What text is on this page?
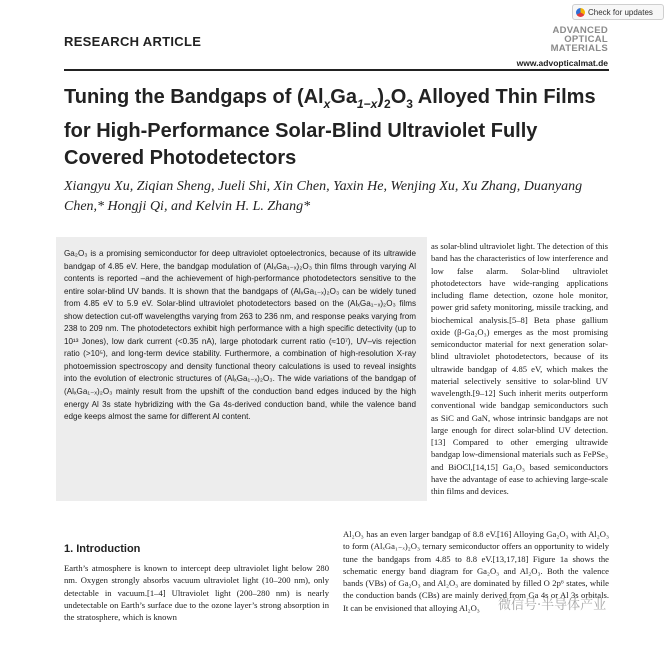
Check for updates
RESEARCH ARTICLE
ADVANCED
OPTICAL
MATERIALS
www.advopticalmat.de
Tuning the Bandgaps of $(Al_xGa_{1-x})_2O_3$ Alloyed Thin Films for High-Performance Solar-Blind Ultraviolet Fully Covered Photodetectors
Xiangyu Xu, Ziqian Sheng, Jueli Shi, Xin Chen, Yaxin He, Wenjing Xu, Xu Zhang, Duanyang Chen,* Hongji Qi, and Kelvin H. L. Zhang*
Ga₂O₃ is a promising semiconductor for deep ultraviolet optoelectronics, because of its ultrawide bandgap of 4.85 eV. Here, the bandgap modulation of (AlₓGa₁₋ₓ)₂O₃ thin films through varying Al contents is reported –and the achievement of high-performance photodetectors sensitive to the entire solar-blind UV bands. It is shown that the bandgaps of (AlₓGa₁₋ₓ)₂O₃ can be widely tuned from 4.85 eV to 5.9 eV. Solar-blind ultraviolet photodetectors based on the (AlₓGa₁₋ₓ)₂O₃ films show detection cut-off wavelengths varying from 263 to 236 nm, and response peaks varying from 238 to 209 nm. The photodetectors exhibit high performance with a high specific detectivity (up to 10¹³ Jones), low dark current (<0.35 nA), large photodark current ratio (≈10⁷), UV–vis rejection ratio (>10⁵), and long-term device stability. Furthermore, a combination of high-resolution X-ray photoemission spectroscopy and density functional theory calculations is used to reveal insights into the evolution of electronic structures of (AlₓGa₁₋ₓ)₂O₃. The wide variations of the bandgap of (AlₓGa₁₋ₓ)₂O₃ mainly result from the upshift of the conduction band edges induced by the high energy Al 3s state hybridizing with the Ga 4s-derived conduction band, while the valence band edge keeps almost the same for different Al content.
as solar-blind ultraviolet light. The detection of this band has the characteristics of low interference and low false alarm. Solar-blind ultraviolet photodetectors have wide-ranging applications including flame detection, ozone hole monitor, power grid safety monitoring, missile tracking, and biochemical analysis.[5–8] Beta phase gallium oxide (β-Ga₂O₃) emerges as the most promising semiconductor material for next generation solar-blind ultraviolet photodetectors, because of its ultrawide bandgap of 4.85 eV, which makes the material selectively sensitive to solar-blind UV wavelength.[9–12] Such inherit merits outperform conventional wide bandgap semiconductors such as SiC and GaN, whose intrinsic bandgaps are not large enough for direct solar-blind UV detection.[13] Compared to other emerging ultrawide bandgap low-dimensional materials such as FePSe₃ and BiOCl,[14,15] Ga₂O₃ based semiconductors have the advantage of ease to achieving large-scale thin films and devices.
Al₂O₃ has an even larger bandgap of 8.8 eV.[16] Alloying Ga₂O₃ with Al₂O₃ to form (AlₓGa₁₋ₓ)₂O₃ ternary semiconductor offers an opportunity to widely tune the bandgaps from 4.85 to 8.8 eV.[13,17,18] Figure 1a shows the schematic energy band diagram for Ga₂O₃ and Al₂O₃. Both the valence bands (VBs) of Ga₂O₃ and Al₂O₃ are dominated by filled O 2p⁶ states, while the conduction bands (CBs) are mainly derived from Ga 4s or Al 3s orbitals. It can be envisioned that alloying Al₂O₃
1. Introduction
Earth’s atmosphere is known to intercept deep ultraviolet light below 280 nm. Oxygen strongly absorbs vacuum ultraviolet light (10–200 nm), only detectable in vacuum.[1–4] Ultraviolet light (200–280 nm) is nearly undetectable on Earth’s surface due to the ozone layer’s strong absorption in the stratosphere, which is known
微信号·半导体产业
